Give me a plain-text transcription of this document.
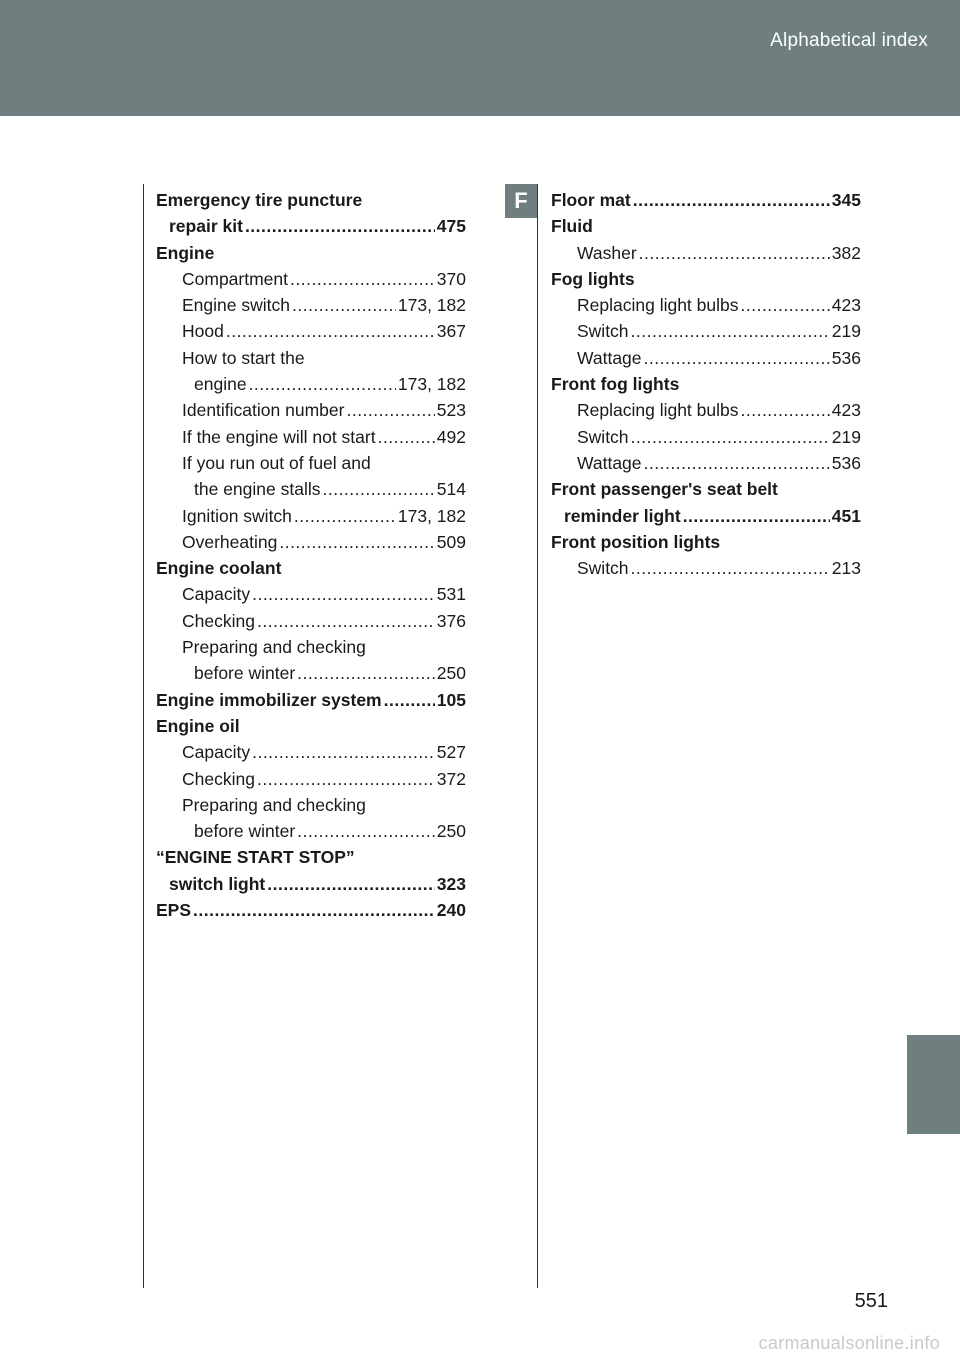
Alphabetical index
F
Emergency tire puncture
repair kit .....	475
Engine
Compartment .....	370
Engine switch .....	173, 182
Hood .....	367
How to start the
engine .....	173, 182
Identification number .....	523
If the engine will not start .....	492
If you run out of fuel and
the engine stalls .....	514
Ignition switch .....	173, 182
Overheating .....	509
Engine coolant
Capacity .....	531
Checking .....	376
Preparing and checking
before winter .....	250
Engine immobilizer system .....	105
Engine oil
Capacity .....	527
Checking .....	372
Preparing and checking
before winter .....	250
“ENGINE START STOP”
switch light .....	323
EPS .....	240
Floor mat .....	345
Fluid
Washer .....	382
Fog lights
Replacing light bulbs .....	423
Switch .....	219
Wattage .....	536
Front fog lights
Replacing light bulbs .....	423
Switch .....	219
Wattage .....	536
Front passenger's seat belt
reminder light .....	451
Front position lights
Switch .....	213
551
carmanualsonline.info
